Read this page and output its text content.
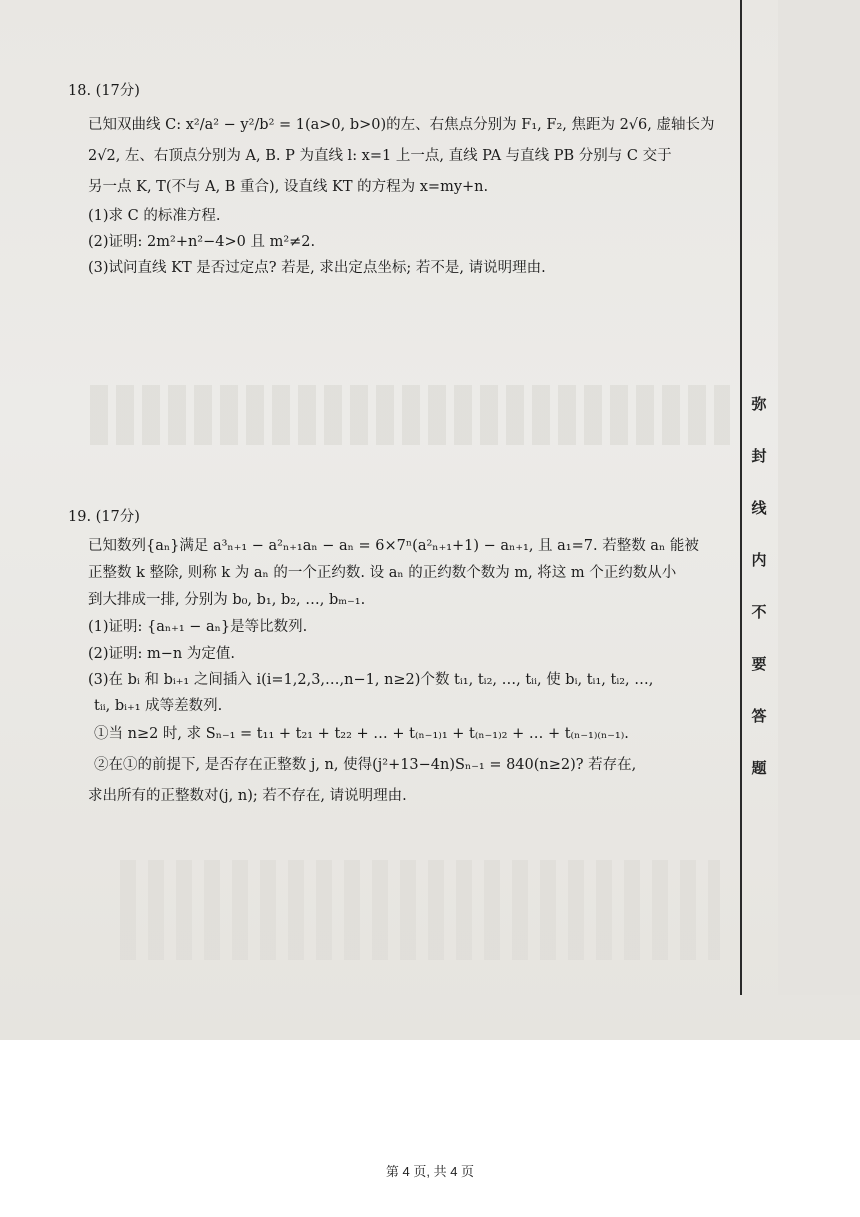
弥
封
线
内
不
要
答
题
18. (17分)
已知双曲线 C: x²/a² − y²/b² = 1(a>0, b>0)的左、右焦点分别为 F₁, F₂, 焦距为 2√6, 虚轴长为
2√2, 左、右顶点分别为 A, B. P 为直线 l: x=1 上一点, 直线 PA 与直线 PB 分别与 C 交于
另一点 K, T(不与 A, B 重合), 设直线 KT 的方程为 x=my+n.
(1)求 C 的标准方程.
(2)证明: 2m²+n²−4>0 且 m²≠2.
(3)试问直线 KT 是否过定点? 若是, 求出定点坐标; 若不是, 请说明理由.
19. (17分)
已知数列{aₙ}满足 a³ₙ₊₁ − a²ₙ₊₁aₙ − aₙ = 6×7ⁿ(a²ₙ₊₁+1) − aₙ₊₁, 且 a₁=7. 若整数 aₙ 能被
正整数 k 整除, 则称 k 为 aₙ 的一个正约数. 设 aₙ 的正约数个数为 m, 将这 m 个正约数从小
到大排成一排, 分别为 b₀, b₁, b₂, …, bₘ₋₁.
(1)证明: {aₙ₊₁ − aₙ}是等比数列.
(2)证明: m−n 为定值.
(3)在 bᵢ 和 bᵢ₊₁ 之间插入 i(i=1,2,3,…,n−1, n≥2)个数 tᵢ₁, tᵢ₂, …, tᵢᵢ, 使 bᵢ, tᵢ₁, tᵢ₂, …,
tᵢᵢ, bᵢ₊₁ 成等差数列.
①当 n≥2 时, 求 Sₙ₋₁ = t₁₁ + t₂₁ + t₂₂ + … + t₍ₙ₋₁₎₁ + t₍ₙ₋₁₎₂ + … + t₍ₙ₋₁₎₍ₙ₋₁₎.
②在①的前提下, 是否存在正整数 j, n, 使得(j²+13−4n)Sₙ₋₁ = 840(n≥2)? 若存在,
求出所有的正整数对(j, n); 若不存在, 请说明理由.
第 4 页, 共 4 页
